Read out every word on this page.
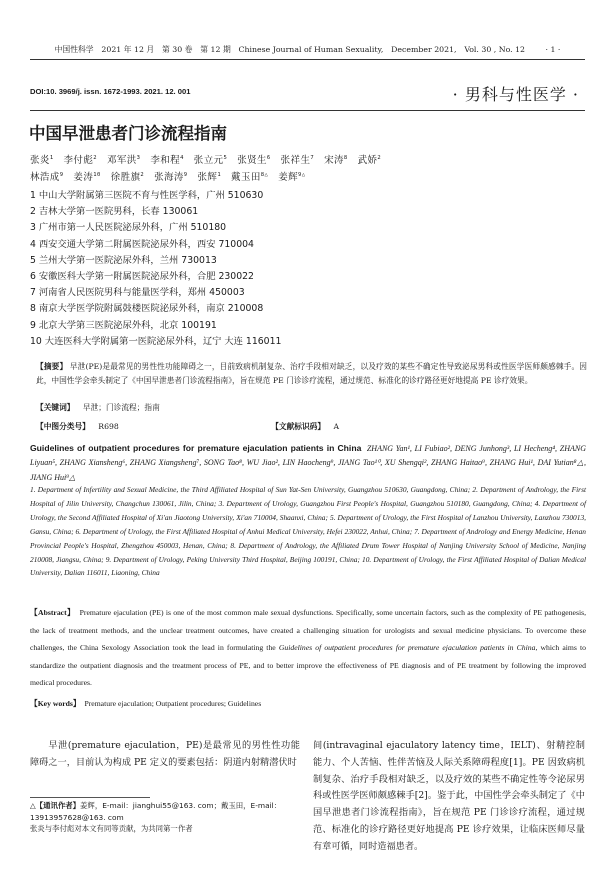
中国性科学　2021 年 12 月　第 30 卷　第 12 期　Chinese Journal of Human Sexuality,　December 2021,　Vol. 30 , No. 12	· 1 ·
DOI:10. 3969/j. issn. 1672-1993. 2021. 12. 001	· 男科与性医学 ·
中国早泄患者门诊流程指南
张炎$^1$ 李付彪$^2$ 邓军洪$^3$ 李和程$^4$ 张立元$^5$ 张贤生$^6$ 张祥生$^7$ 宋涛$^8$ 武娇$^2$
林浩成$^9$ 姜涛$^{10}$ 徐胜旗$^2$ 张海涛$^9$ 张辉$^1$ 戴玉田$^{8\triangle}$ 姜辉$^{9\triangle}$
1 中山大学附属第三医院不育与性医学科，广州 510630
2 吉林大学第一医院男科，长春 130061
3 广州市第一人民医院泌尿外科，广州 510180
4 西安交通大学第二附属医院泌尿外科，西安 710004
5 兰州大学第一医院泌尿外科，兰州 730013
6 安徽医科大学第一附属医院泌尿外科，合肥 230022
7 河南省人民医院男科与能量医学科，郑州 450003
8 南京大学医学院附属鼓楼医院泌尿外科，南京 210008
9 北京大学第三医院泌尿外科，北京 100191
10 大连医科大学附属第一医院泌尿外科，辽宁 大连 116011
【摘要】 早泄(PE)是最常见的男性性功能障碍之一，目前致病机制复杂、治疗手段相对缺乏，以及疗效的某些不确定性导致泌尿男科或性医学医师颇感棘手。因此，中国性学会牵头制定了《中国早泄患者门诊流程指南》，旨在规范 PE 门诊诊疗流程，通过规范、标准化的诊疗路径更好地提高 PE 诊疗效果。
【关键词】 早泄；门诊流程；指南
【中图分类号】 R698	【文献标识码】 A
Guidelines of outpatient procedures for premature ejaculation patients in China ZHANG Yan¹, LI Fubiao², DENG Junhong³, LI Hecheng⁴, ZHANG Liyuan⁵, ZHANG Xiansheng⁶, ZHANG Xiangsheng⁷, SONG Tao⁸, WU Jiao², LIN Haocheng⁹, JIANG Tao¹⁰, XU Shengqi², ZHANG Haitao⁹, ZHANG Hui¹, DAI Yutian⁸△, JIANG Hui⁹△
1. Department of Infertility and Sexual Medicine, the Third Affiliated Hospital of Sun Yat-Sen University, Guangzhou 510630, Guangdong, China; 2. Department of Andrology, the First Hospital of Jilin University, Changchun 130061, Jilin, China; 3. Department of Urology, Guangzhou First People's Hospital, Guangzhou 510180, Guangdong, China; 4. Department of Urology, the Second Affiliated Hospital of Xi'an Jiaotong University, Xi'an 710004, Shaanxi, China; 5. Department of Urology, the First Hospital of Lanzhou University, Lanzhou 730013, Gansu, China; 6. Department of Urology, the First Affiliated Hospital of Anhui Medical University, Hefei 230022, Anhui, China; 7. Department of Andrology and Energy Medicine, Henan Provincial People's Hospital, Zhengzhou 450003, Henan, China; 8. Department of Andrology, the Affiliated Drum Tower Hospital of Nanjing University School of Medicine, Nanjing 210008, Jiangsu, China; 9. Department of Urology, Peking University Third Hospital, Beijing 100191, China; 10. Department of Urology, the First Affiliated Hospital of Dalian Medical University, Dalian 116011, Liaoning, China
【Abstract】 Premature ejaculation (PE) is one of the most common male sexual dysfunctions. Specifically, some uncertain factors, such as the complexity of PE pathogenesis, the lack of treatment methods, and the unclear treatment outcomes, have created a challenging situation for urologists and sexual medicine physicians. To overcome these challenges, the China Sexology Association took the lead in formulating the Guidelines of outpatient procedures for premature ejaculation patients in China, which aims to standardize the outpatient diagnosis and the treatment process of PE, and to better improve the effectiveness of PE diagnosis and of PE treatment by following the improved medical procedures.
【Key words】 Premature ejaculation; Outpatient procedures; Guidelines
早泄(premature ejaculation，PE)是最常见的男性性功能障碍之一，目前认为构成 PE 定义的要素包括：阴道内射精潜伏时
间(intravaginal ejaculatory latency time，IELT)、射精控制能力、个人苦恼、性伴苦恼及人际关系障碍程度[1]。PE 因致病机制复杂、治疗手段相对缺乏，以及疗效的某些不确定性等令泌尿男科或性医学医师颇感棘手[2]。鉴于此，中国性学会牵头制定了《中国早泄患者门诊流程指南》，旨在规范 PE 门诊诊疗流程，通过规范、标准化的诊疗路径更好地提高 PE 诊疗效果，让临床医师尽量有章可循，同时造福患者。
△【通讯作者】姜辉，E-mail：jianghui55@163. com；戴玉田，E-mail：13913957628@163. com
张炎与李付彪对本文有同等贡献，为共同第一作者
